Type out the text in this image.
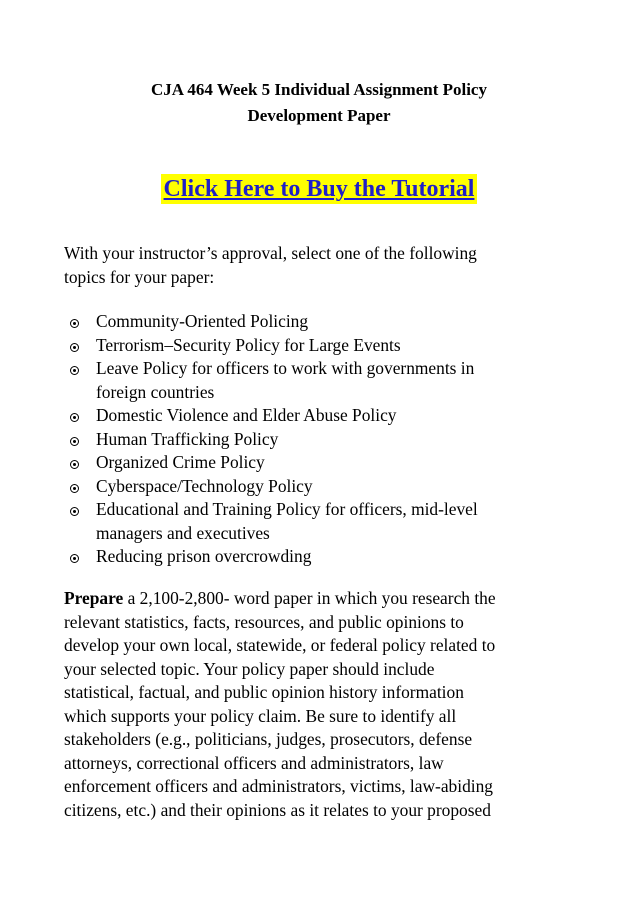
CJA 464 Week 5 Individual Assignment Policy
Development Paper
Click Here to Buy the Tutorial
With your instructor’s approval, select one of the following
topics for your paper:
Community-Oriented Policing
Terrorism–Security Policy for Large Events
Leave Policy for officers to work with governments in
foreign countries
Domestic Violence and Elder Abuse Policy
Human Trafficking Policy
Organized Crime Policy
Cyberspace/Technology Policy
Educational and Training Policy for officers, mid-level
managers and executives
Reducing prison overcrowding
Prepare a 2,100-2,800- word paper in which you research the
relevant statistics, facts, resources, and public opinions to
develop your own local, statewide, or federal policy related to
your selected topic. Your policy paper should include
statistical, factual, and public opinion history information
which supports your policy claim. Be sure to identify all
stakeholders (e.g., politicians, judges, prosecutors, defense
attorneys, correctional officers and administrators, law
enforcement officers and administrators, victims, law-abiding
citizens, etc.) and their opinions as it relates to your proposed
